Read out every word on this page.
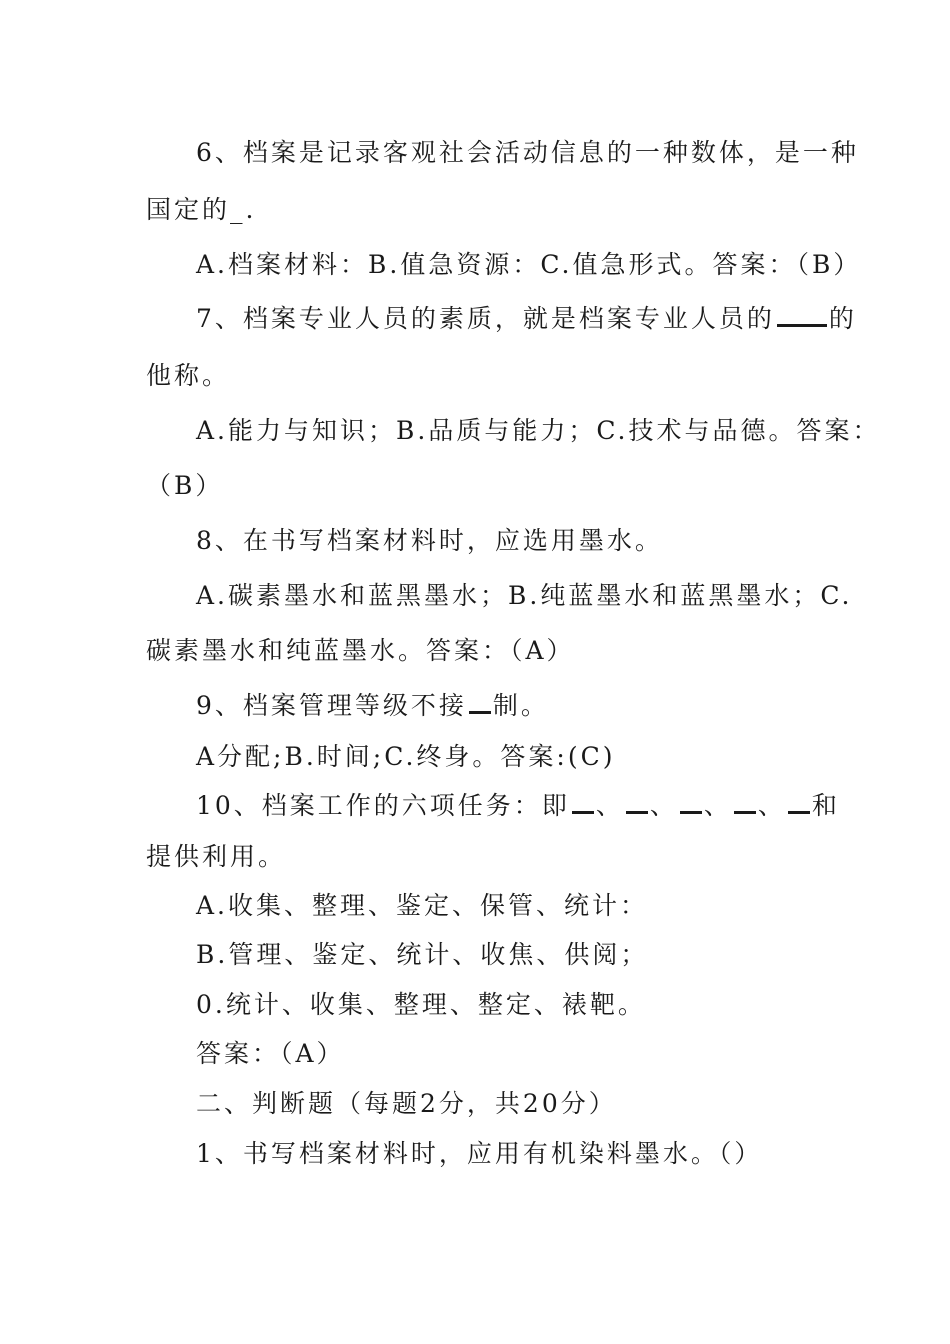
6、档案是记录客观社会活动信息的一种数体，是一种
国定的_.
A.档案材料：B.值急资源：C.值急形式。答案：（B）
7、档案专业人员的素质，就是档案专业人员的 的
他称。
A.能力与知识；B.品质与能力；C.技术与品德。答案：
（B）
8、在书写档案材料时，应选用墨水。
A.碳素墨水和蓝黑墨水；B.纯蓝墨水和蓝黑墨水；C.
碳素墨水和纯蓝墨水。答案：（A）
9、档案管理等级不接 制。
A分配;B.时间;C.终身。答案:(C)
10、档案工作的六项任务：即 、 、 、 、 和
提供利用。
A.收集、整理、鉴定、保管、统计：
B.管理、鉴定、统计、收焦、供阅；
0.统计、收集、整理、整定、裱靶。
答案：（A）
二、判断题（每题2分，共20分）
1、书写档案材料时，应用有机染料墨水。（）
